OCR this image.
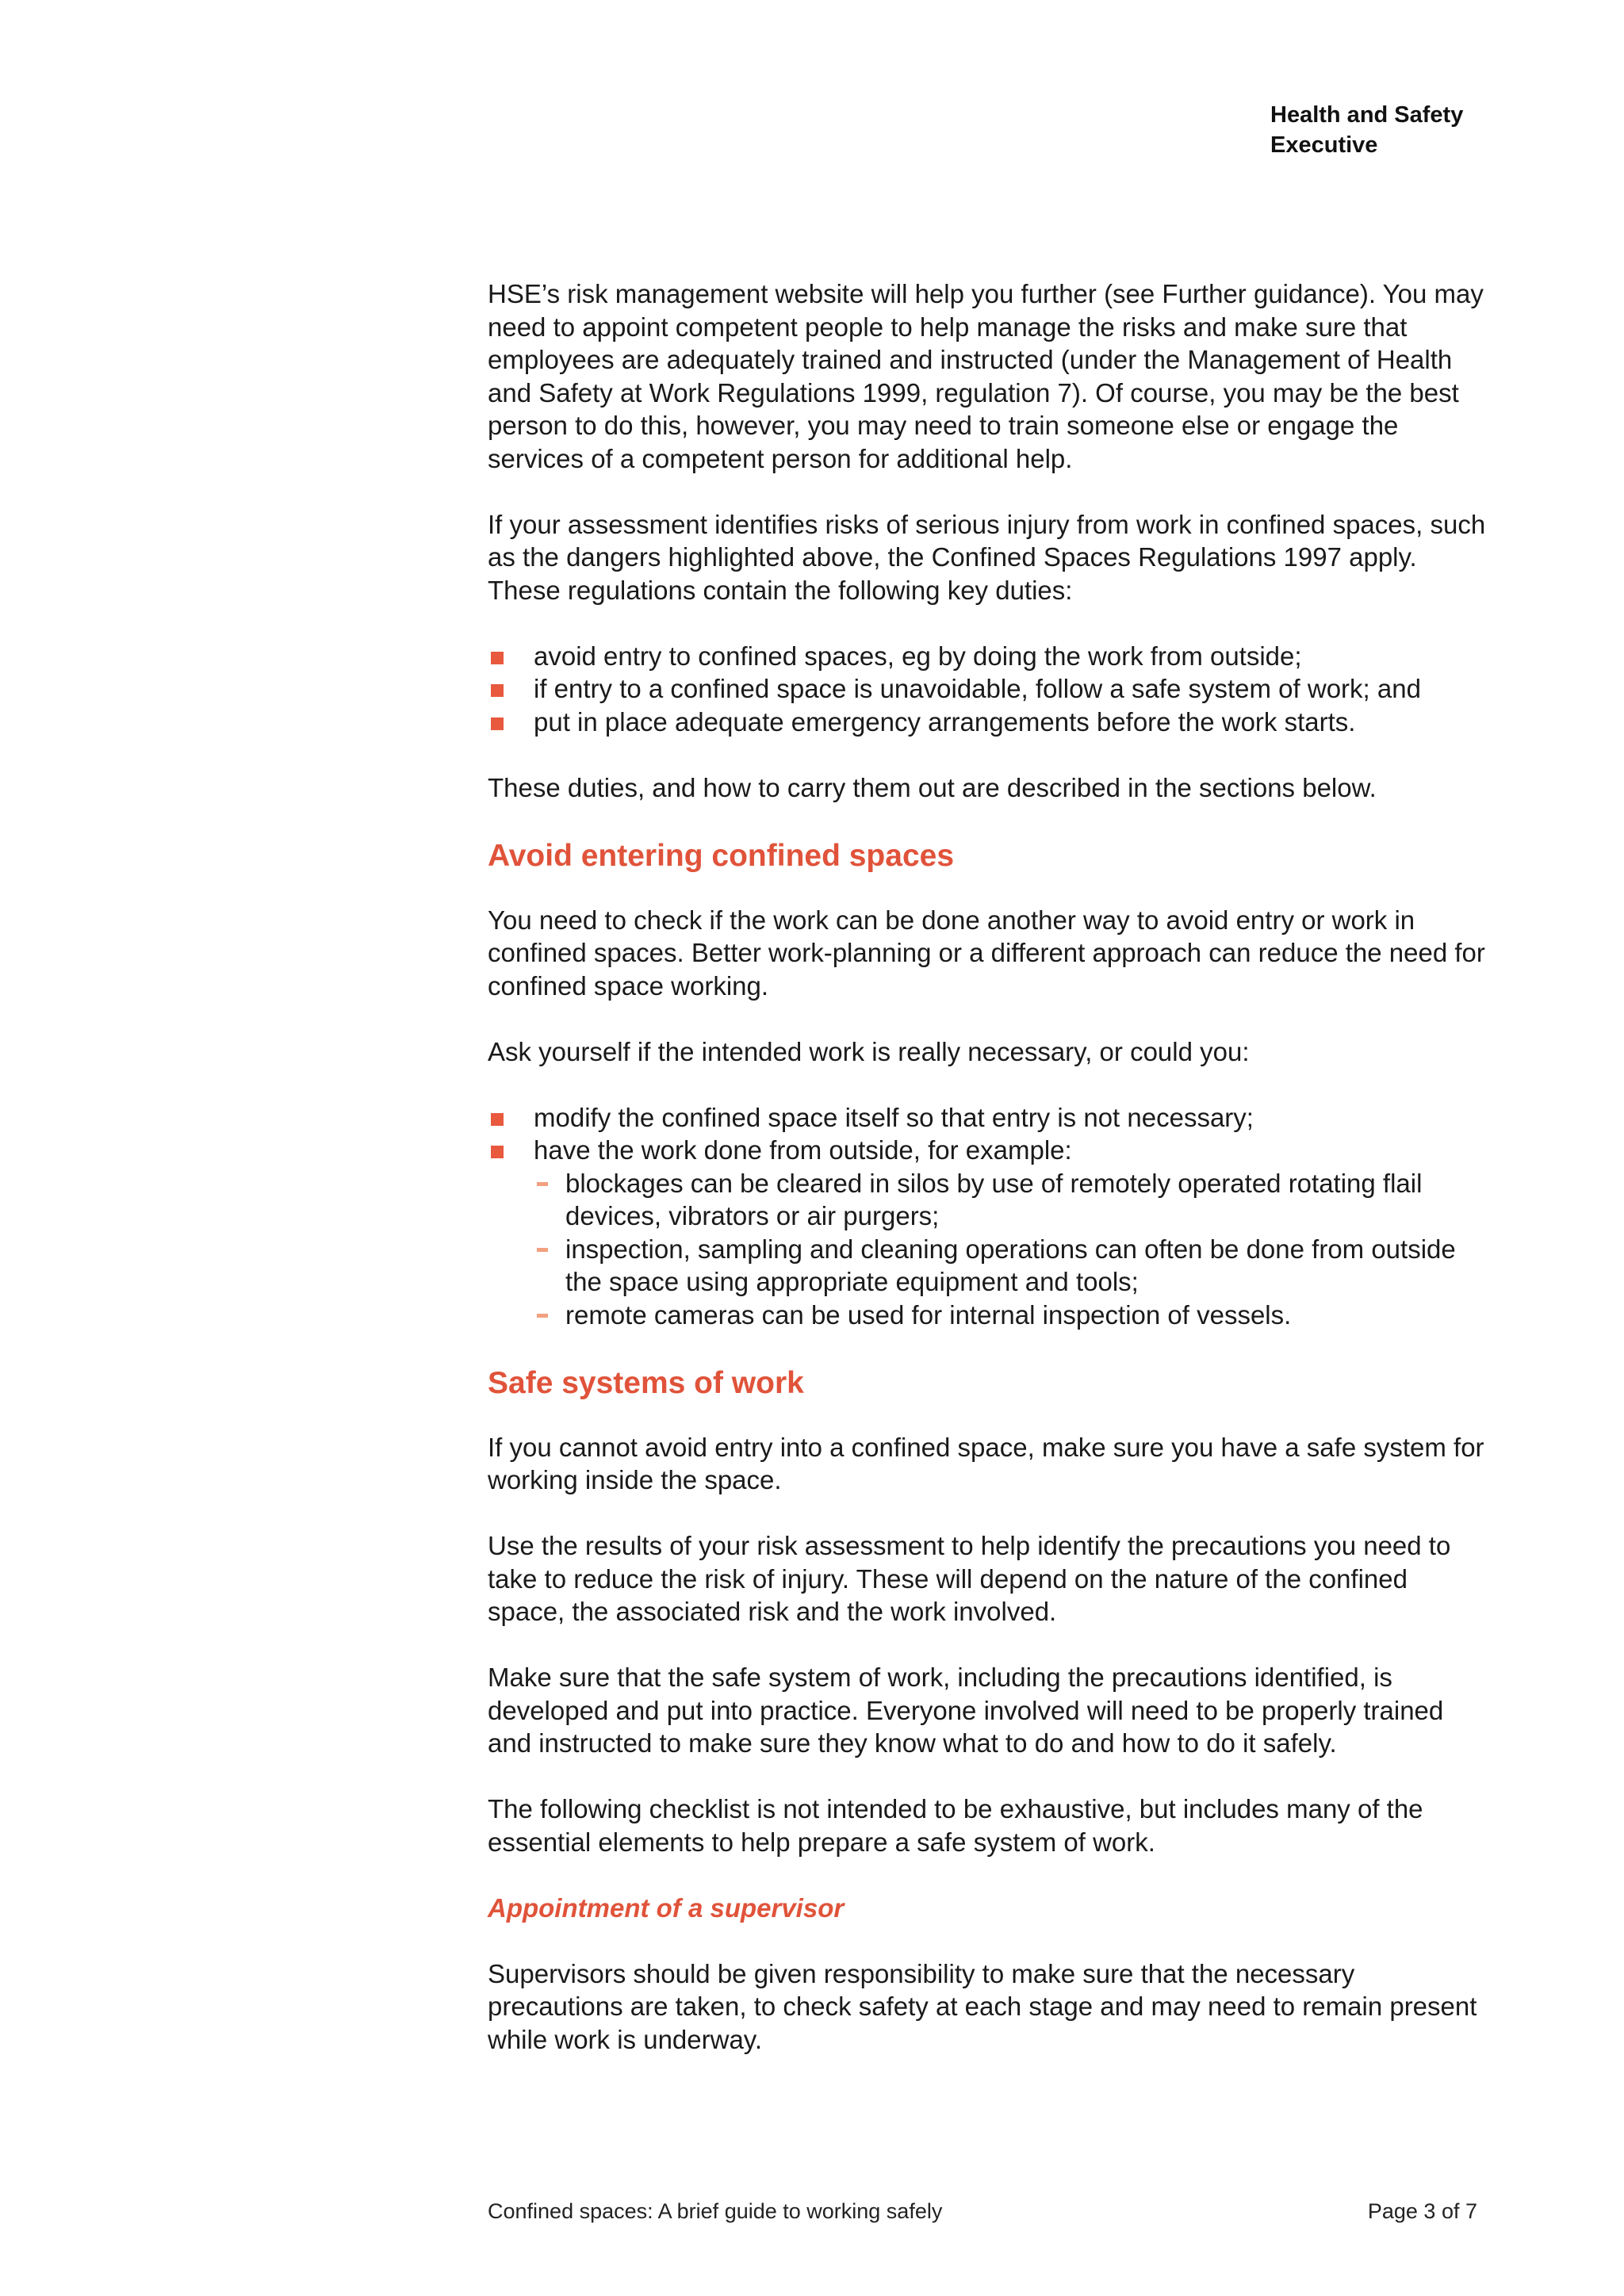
Health and Safety
Executive

HSE’s risk management website will help you further (see Further guidance). You may need to appoint competent people to help manage the risks and make sure that employees are adequately trained and instructed (under the Management of Health and Safety at Work Regulations 1999, regulation 7). Of course, you may be the best person to do this, however, you may need to train someone else or engage the services of a competent person for additional help.

If your assessment identifies risks of serious injury from work in confined spaces, such as the dangers highlighted above, the Confined Spaces Regulations 1997 apply. These regulations contain the following key duties:

avoid entry to confined spaces, eg by doing the work from outside;
if entry to a confined space is unavoidable, follow a safe system of work; and
put in place adequate emergency arrangements before the work starts.

These duties, and how to carry them out are described in the sections below.

Avoid entering confined spaces

You need to check if the work can be done another way to avoid entry or work in confined spaces. Better work-planning or a different approach can reduce the need for confined space working.

Ask yourself if the intended work is really necessary, or could you:

modify the confined space itself so that entry is not necessary;
have the work done from outside, for example:
blockages can be cleared in silos by use of remotely operated rotating flail devices, vibrators or air purgers;
inspection, sampling and cleaning operations can often be done from outside the space using appropriate equipment and tools;
remote cameras can be used for internal inspection of vessels.
Safe systems of work

If you cannot avoid entry into a confined space, make sure you have a safe system for working inside the space.

Use the results of your risk assessment to help identify the precautions you need to take to reduce the risk of injury. These will depend on the nature of the confined space, the associated risk and the work involved.

Make sure that the safe system of work, including the precautions identified, is developed and put into practice. Everyone involved will need to be properly trained and instructed to make sure they know what to do and how to do it safely.

The following checklist is not intended to be exhaustive, but includes many of the essential elements to help prepare a safe system of work.

Appointment of a supervisor

Supervisors should be given responsibility to make sure that the necessary precautions are taken, to check safety at each stage and may need to remain present while work is underway.

Confined spaces: A brief guide to working safely	Page 3 of 7
